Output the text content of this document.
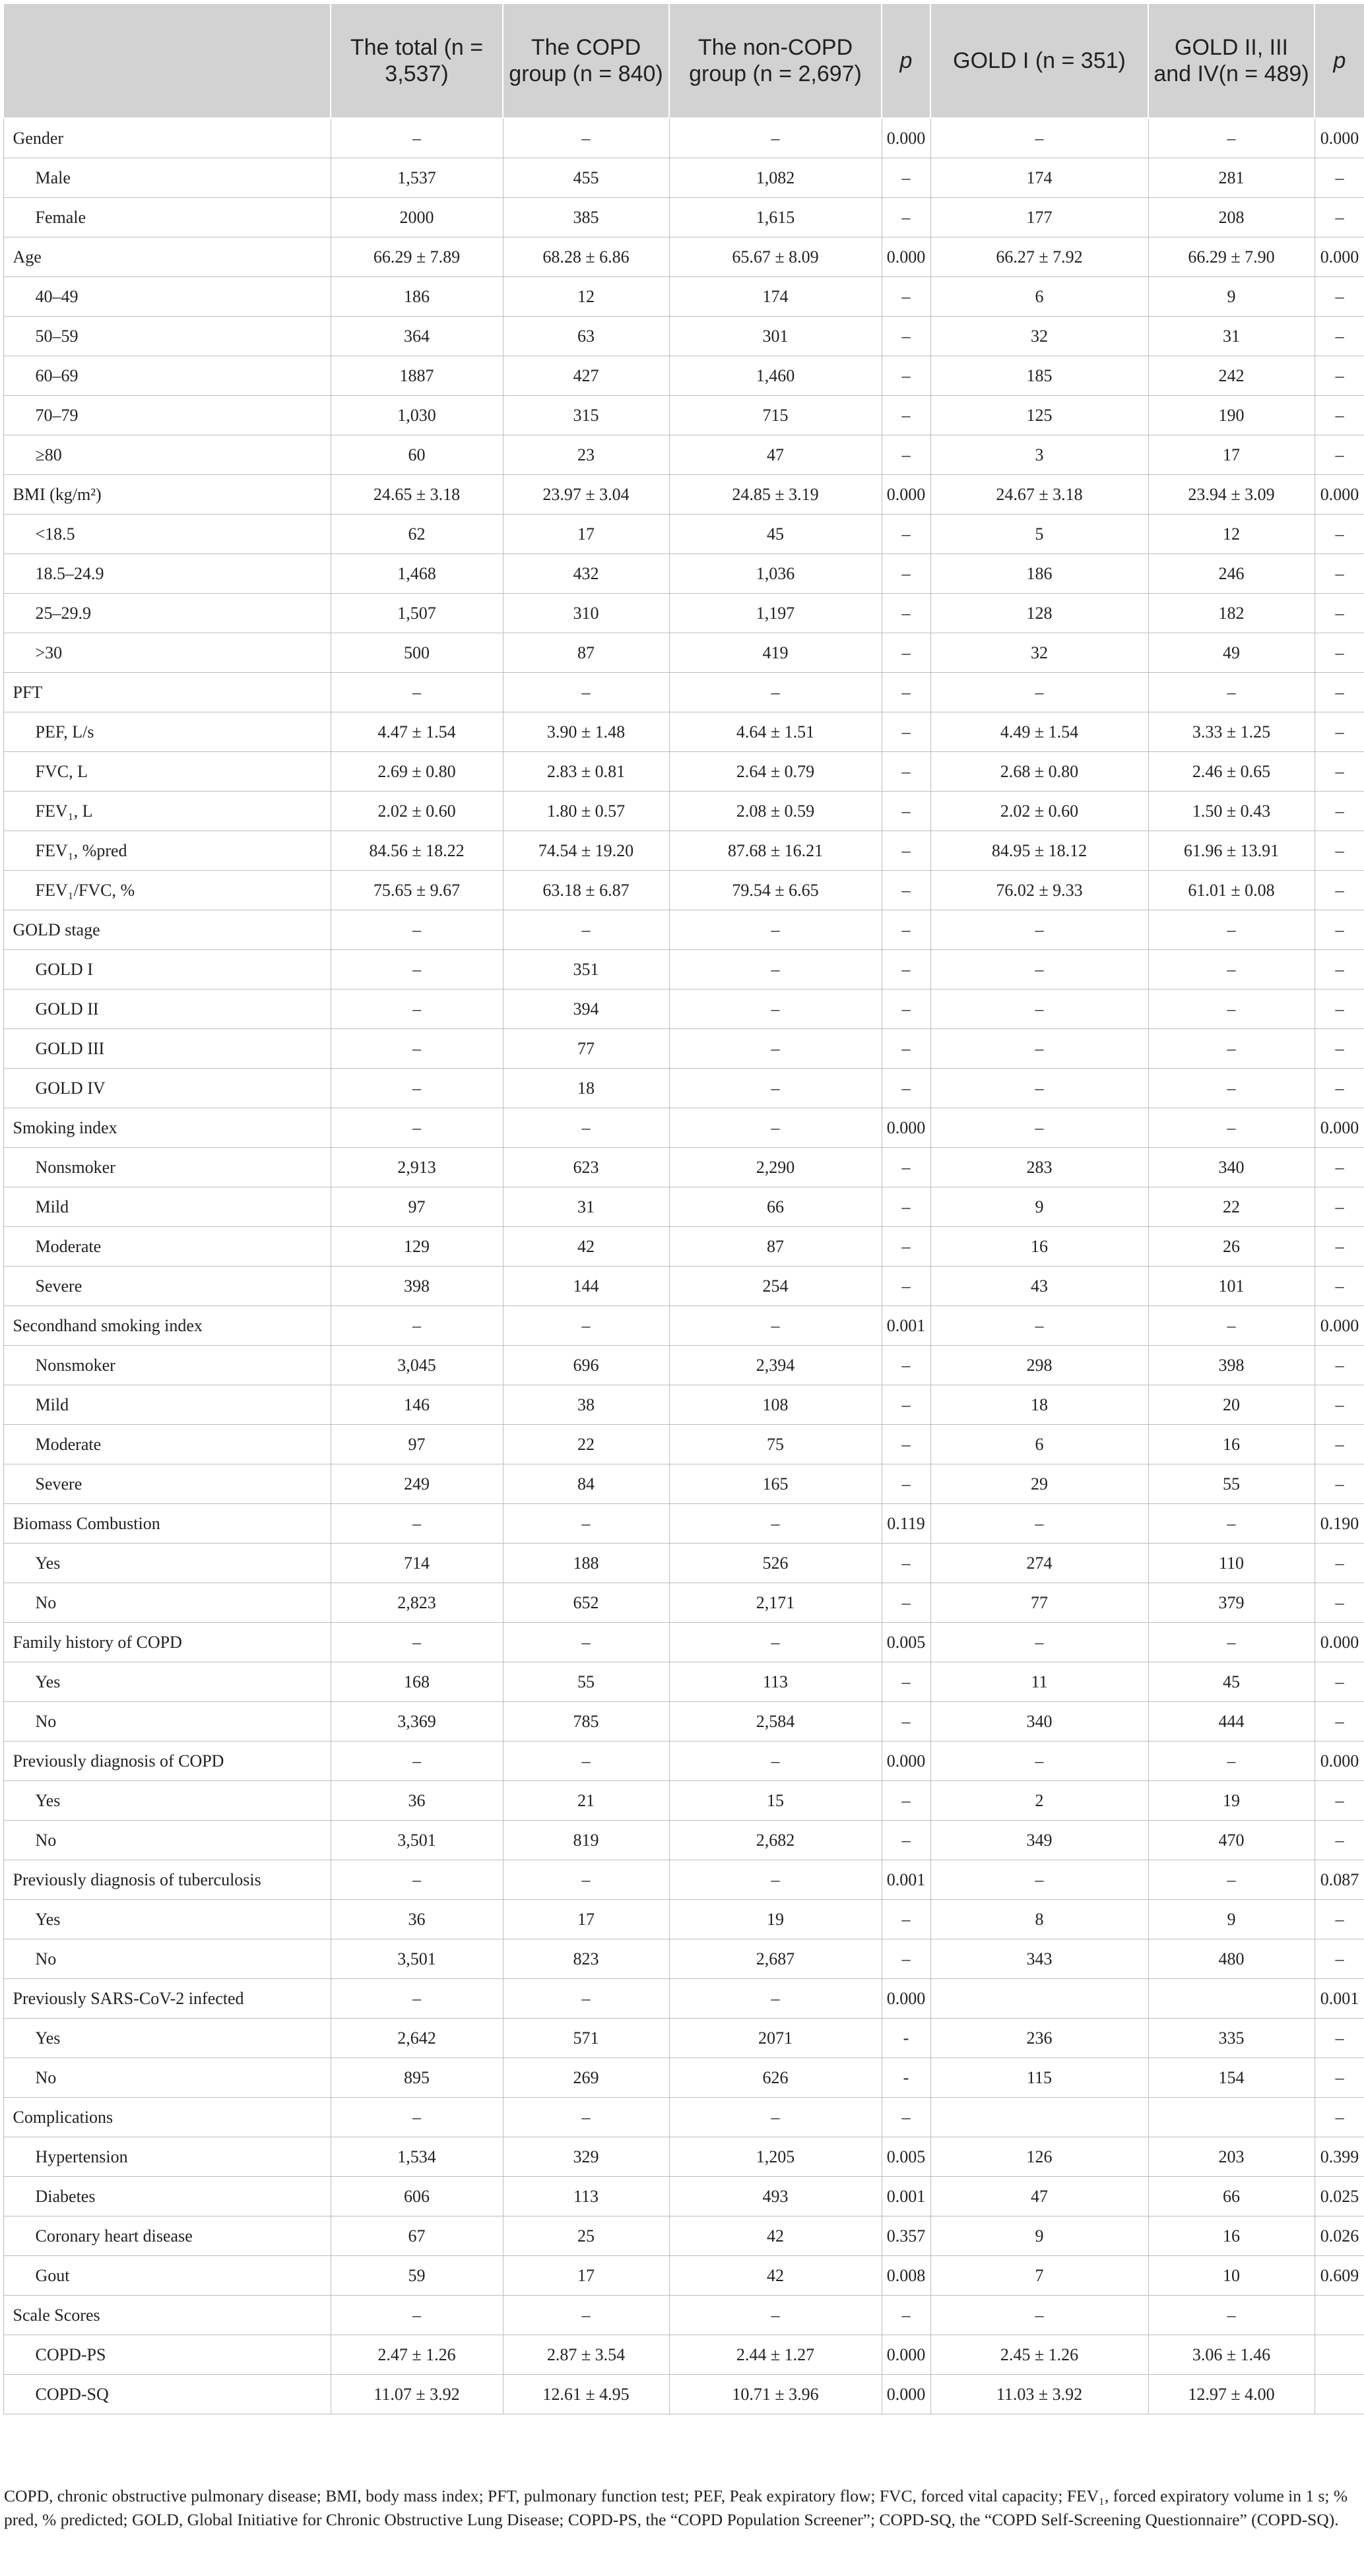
	The total (n = 3,537)	The COPD group (n = 840)	The non-COPD group (n = 2,697)	p	GOLD I (n = 351)	GOLD II, III and IV(n = 489)	p
Gender	–	–	–	0.000	–	–	0.000
Male	1,537	455	1,082	–	174	281	–
Female	2000	385	1,615	–	177	208	–
Age	66.29 ± 7.89	68.28 ± 6.86	65.67 ± 8.09	0.000	66.27 ± 7.92	66.29 ± 7.90	0.000
40–49	186	12	174	–	6	9	–
50–59	364	63	301	–	32	31	–
60–69	1887	427	1,460	–	185	242	–
70–79	1,030	315	715	–	125	190	–
≥80	60	23	47	–	3	17	–
BMI (kg/m²)	24.65 ± 3.18	23.97 ± 3.04	24.85 ± 3.19	0.000	24.67 ± 3.18	23.94 ± 3.09	0.000
<18.5	62	17	45	–	5	12	–
18.5–24.9	1,468	432	1,036	–	186	246	–
25–29.9	1,507	310	1,197	–	128	182	–
>30	500	87	419	–	32	49	–
PFT	–	–	–	–	–	–	–
PEF, L/s	4.47 ± 1.54	3.90 ± 1.48	4.64 ± 1.51	–	4.49 ± 1.54	3.33 ± 1.25	–
FVC, L	2.69 ± 0.80	2.83 ± 0.81	2.64 ± 0.79	–	2.68 ± 0.80	2.46 ± 0.65	–
FEV₁, L	2.02 ± 0.60	1.80 ± 0.57	2.08 ± 0.59	–	2.02 ± 0.60	1.50 ± 0.43	–
FEV₁, %pred	84.56 ± 18.22	74.54 ± 19.20	87.68 ± 16.21	–	84.95 ± 18.12	61.96 ± 13.91	–
FEV₁/FVC, %	75.65 ± 9.67	63.18 ± 6.87	79.54 ± 6.65	–	76.02 ± 9.33	61.01 ± 0.08	–
GOLD stage	–	–	–	–	–	–	–
GOLD I	–	351	–	–	–	–	–
GOLD II	–	394	–	–	–	–	–
GOLD III	–	77	–	–	–	–	–
GOLD IV	–	18	–	–	–	–	–
Smoking index	–	–	–	0.000	–	–	0.000
Nonsmoker	2,913	623	2,290	–	283	340	–
Mild	97	31	66	–	9	22	–
Moderate	129	42	87	–	16	26	–
Severe	398	144	254	–	43	101	–
Secondhand smoking index	–	–	–	0.001	–	–	0.000
Nonsmoker	3,045	696	2,394	–	298	398	–
Mild	146	38	108	–	18	20	–
Moderate	97	22	75	–	6	16	–
Severe	249	84	165	–	29	55	–
Biomass Combustion	–	–	–	0.119	–	–	0.190
Yes	714	188	526	–	274	110	–
No	2,823	652	2,171	–	77	379	–
Family history of COPD	–	–	–	0.005	–	–	0.000
Yes	168	55	113	–	11	45	–
No	3,369	785	2,584	–	340	444	–
Previously diagnosis of COPD	–	–	–	0.000	–	–	0.000
Yes	36	21	15	–	2	19	–
No	3,501	819	2,682	–	349	470	–
Previously diagnosis of tuberculosis	–	–	–	0.001	–	–	0.087
Yes	36	17	19	–	8	9	–
No	3,501	823	2,687	–	343	480	–
Previously SARS-CoV-2 infected	–	–	–	0.000			0.001
Yes	2,642	571	2071	-	236	335	–
No	895	269	626	-	115	154	–
Complications	–	–	–	–			–
Hypertension	1,534	329	1,205	0.005	126	203	0.399
Diabetes	606	113	493	0.001	47	66	0.025
Coronary heart disease	67	25	42	0.357	9	16	0.026
Gout	59	17	42	0.008	7	10	0.609
Scale Scores	–	–	–	–	–	–	
COPD-PS	2.47 ± 1.26	2.87 ± 3.54	2.44 ± 1.27	0.000	2.45 ± 1.26	3.06 ± 1.46	
COPD-SQ	11.07 ± 3.92	12.61 ± 4.95	10.71 ± 3.96	0.000	11.03 ± 3.92	12.97 ± 4.00	
COPD, chronic obstructive pulmonary disease; BMI, body mass index; PFT, pulmonary function test; PEF, Peak expiratory flow; FVC, forced vital capacity; FEV₁, forced expiratory volume in 1 s; % pred, % predicted; GOLD, Global Initiative for Chronic Obstructive Lung Disease; COPD-PS, the “COPD Population Screener”; COPD-SQ, the “COPD Self-Screening Questionnaire” (COPD-SQ).
